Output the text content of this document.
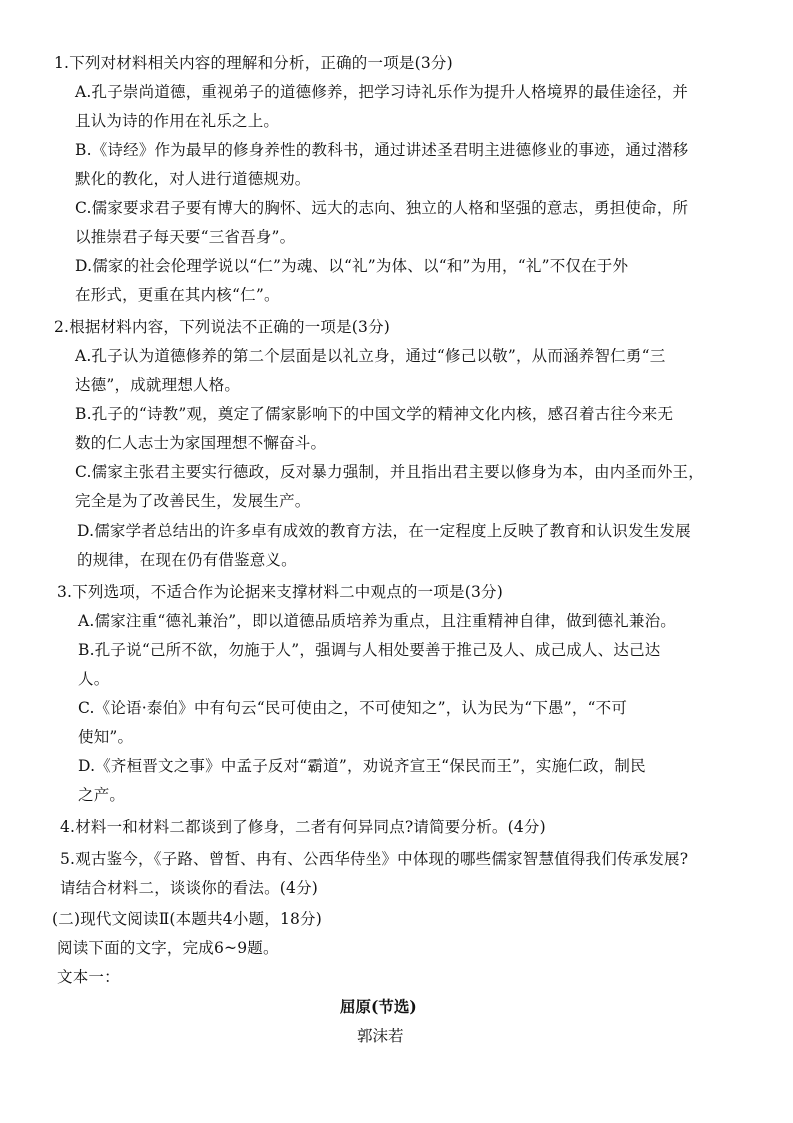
1.下列对材料相关内容的理解和分析，正确的一项是(3分)
A.孔子崇尚道德，重视弟子的道德修养，把学习诗礼乐作为提升人格境界的最佳途径，并
且认为诗的作用在礼乐之上。
B.《诗经》作为最早的修身养性的教科书，通过讲述圣君明主进德修业的事迹，通过潜移
默化的教化，对人进行道德规劝。
C.儒家要求君子要有博大的胸怀、远大的志向、独立的人格和坚强的意志，勇担使命，所
以推崇君子每天要“三省吾身”。
D.儒家的社会伦理学说以“仁”为魂、以“礼”为体、以“和”为用，“礼”不仅在于外
在形式，更重在其内核“仁”。
2.根据材料内容，下列说法不正确的一项是(3分)
A.孔子认为道德修养的第二个层面是以礼立身，通过“修己以敬”，从而涵养智仁勇“三
达德”，成就理想人格。
B.孔子的“诗教”观，奠定了儒家影响下的中国文学的精神文化内核，感召着古往今来无
数的仁人志士为家国理想不懈奋斗。
C.儒家主张君主要实行德政，反对暴力强制，并且指出君主要以修身为本，由内圣而外王，
完全是为了改善民生，发展生产。
D.儒家学者总结出的许多卓有成效的教育方法，在一定程度上反映了教育和认识发生发展
的规律，在现在仍有借鉴意义。
3.下列选项，不适合作为论据来支撑材料二中观点的一项是(3分)
A.儒家注重“德礼兼治”，即以道德品质培养为重点，且注重精神自律，做到德礼兼治。
B.孔子说“己所不欲，勿施于人”，强调与人相处要善于推己及人、成己成人、达己达
人。
C.《论语·泰伯》中有句云“民可使由之，不可使知之”，认为民为“下愚”，“不可
使知”。
D.《齐桓晋文之事》中孟子反对“霸道”，劝说齐宣王“保民而王”，实施仁政，制民
之产。
4.材料一和材料二都谈到了修身，二者有何异同点?请简要分析。(4分)
5.观古鉴今，《子路、曾皙、冉有、公西华侍坐》中体现的哪些儒家智慧值得我们传承发展?
请结合材料二，谈谈你的看法。(4分)
(二)现代文阅读Ⅱ(本题共4小题，18分)
阅读下面的文字，完成6~9题。
文本一：
屈原(节选)
郭沫若
